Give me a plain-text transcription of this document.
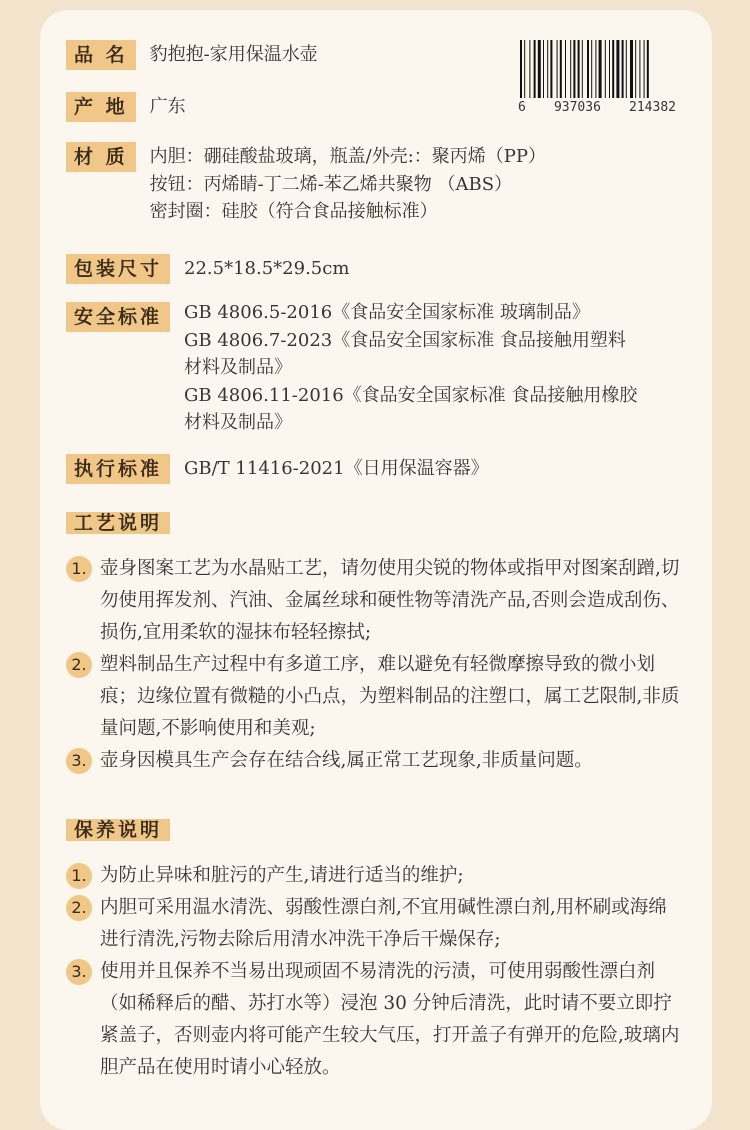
品 名	豹抱抱-家用保温水壶
6 937036 214382
产 地	广东
材 质	内胆：硼硅酸盐玻璃，瓶盖/外壳:：聚丙烯（PP）
按钮：丙烯睛-丁二烯-苯乙烯共聚物 （ABS）
密封圈：硅胶（符合食品接触标准）
包装尺寸	22.5*18.5*29.5cm
安全标准	GB 4806.5-2016《食品安全国家标准 玻璃制品》
GB 4806.7-2023《食品安全国家标准 食品接触用塑料
材料及制品》
GB 4806.11-2016《食品安全国家标准 食品接触用橡胶
材料及制品》
执行标准	GB/T 11416-2021《日用保温容器》
工艺说明
1. 壶身图案工艺为水晶贴工艺，请勿使用尖锐的物体或指甲对图案刮蹭,切勿使用挥发剂、汽油、金属丝球和硬性物等清洗产品,否则会造成刮伤、损伤,宜用柔软的湿抹布轻轻擦拭;
2. 塑料制品生产过程中有多道工序，难以避免有轻微摩擦导致的微小划痕；边缘位置有微糙的小凸点，为塑料制品的注塑口，属工艺限制,非质量问题,不影响使用和美观;
3. 壶身因模具生产会存在结合线,属正常工艺现象,非质量问题。
保养说明
1. 为防止异味和脏污的产生,请进行适当的维护;
2. 内胆可采用温水清洗、弱酸性漂白剂,不宜用碱性漂白剂,用杯刷或海绵进行清洗,污物去除后用清水冲洗干净后干燥保存;
3. 使用并且保养不当易出现顽固不易清洗的污渍，可使用弱酸性漂白剂（如稀释后的醋、苏打水等）浸泡 30 分钟后清洗，此时请不要立即拧紧盖子，否则壶内将可能产生较大气压，打开盖子有弹开的危险,玻璃内胆产品在使用时请小心轻放。
